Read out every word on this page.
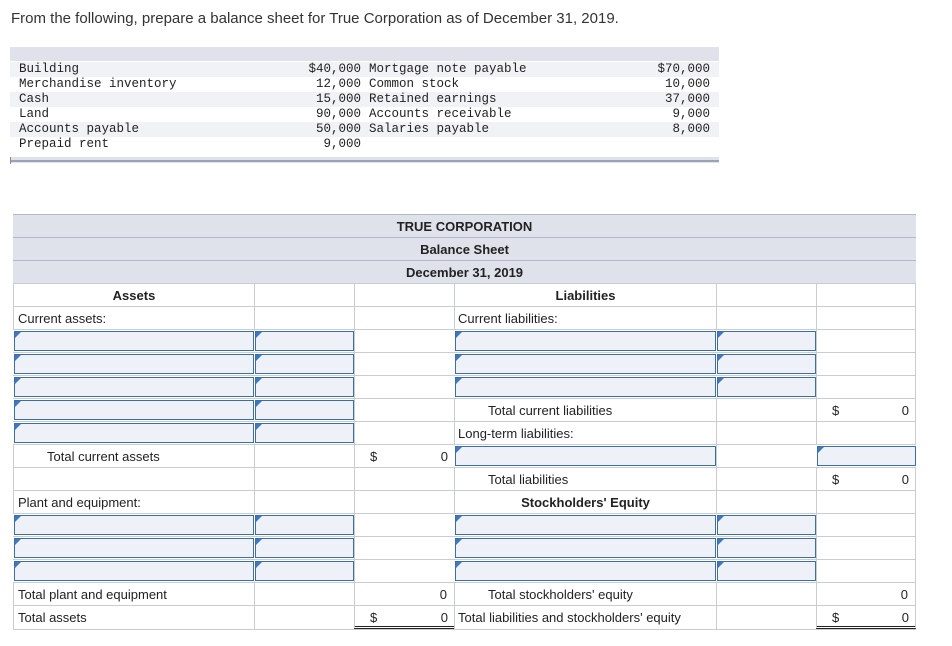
From the following, prepare a balance sheet for True Corporation as of December 31, 2019.
Building	$40,000 Mortgage note payable	$70,000
Merchandise inventory	12,000 Common stock	10,000
Cash	15,000 Retained earnings	37,000
Land	90,000 Accounts receivable	9,000
Accounts payable	50,000 Salaries payable	8,000
Prepaid rent	9,000
TRUE CORPORATION
Balance Sheet
December 31, 2019
Assets	Liabilities
Current assets:	Current liabilities:
Total current liabilities	$	0
Long-term liabilities:
Total current assets	$	0
Total liabilities	$	0
Plant and equipment:	Stockholders' Equity
Total plant and equipment	0	Total stockholders' equity	0
Total assets	$	0 Total liabilities and stockholders' equity	$	0
